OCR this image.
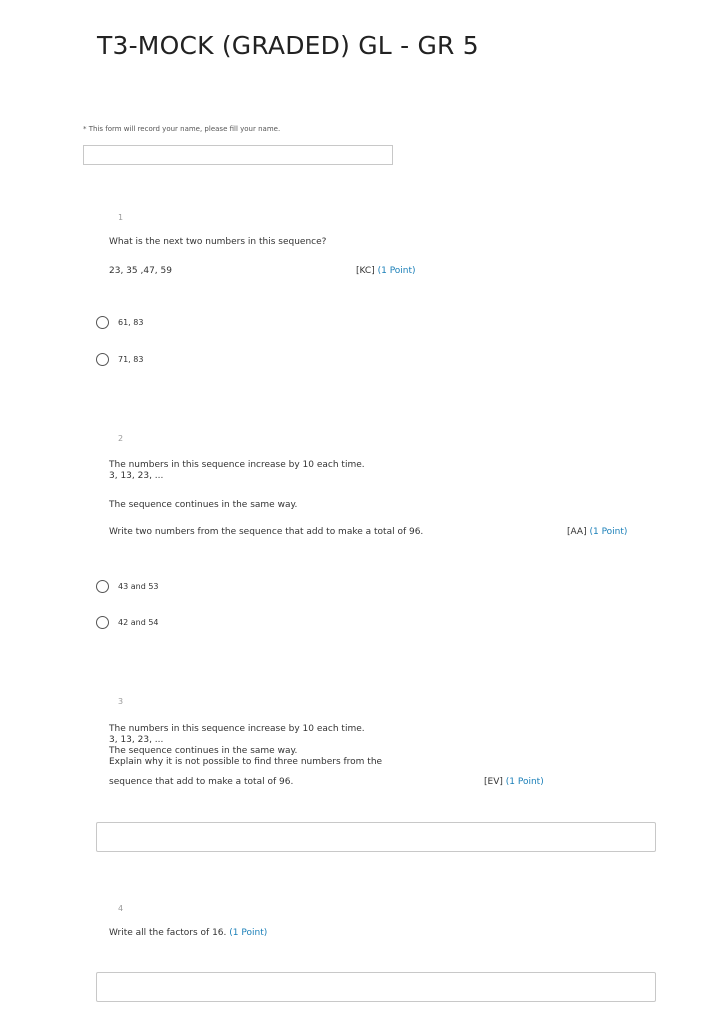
T3-MOCK (GRADED) GL - GR 5
* This form will record your name, please fill your name.
1
What is the next two numbers in this sequence?
23, 35 ,47, 59	[KC] (1 Point)
61, 83
71, 83
2
The numbers in this sequence increase by 10 each time.
3, 13, 23, ...
The sequence continues in the same way.
Write two numbers from the sequence that add to make a total of 96.	[AA] (1 Point)
43 and 53
42 and 54
3
The numbers in this sequence increase by 10 each time.
3, 13, 23, ...
The sequence continues in the same way.
Explain why it is not possible to find three numbers from the
sequence that add to make a total of 96.	[EV] (1 Point)
4
Write all the factors of 16. (1 Point)
